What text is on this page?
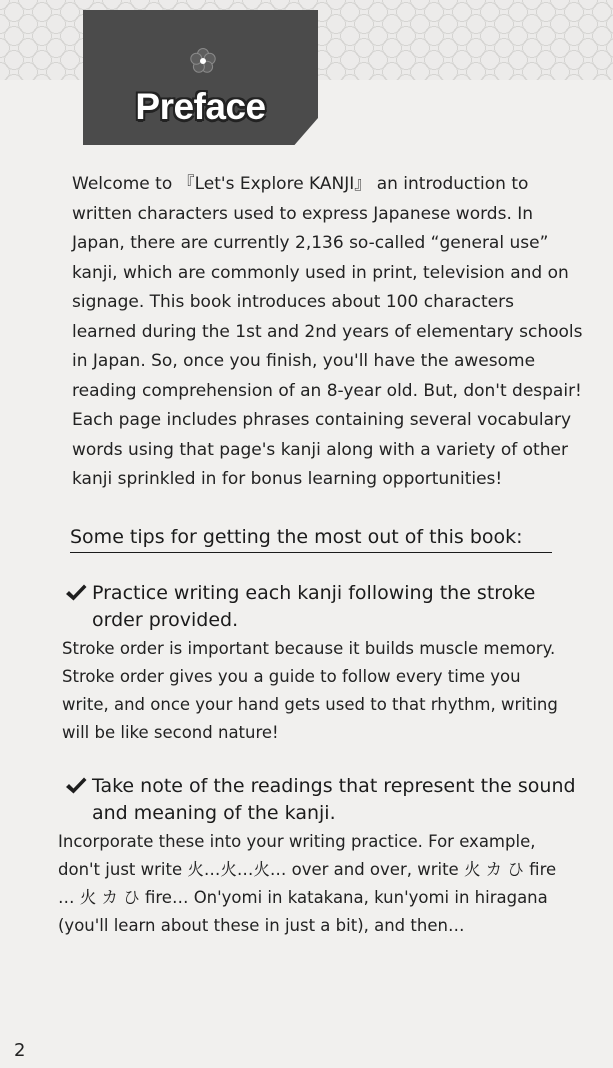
Preface
Welcome to 『Let's Explore KANJI』 an introduction to
written characters used to express Japanese words. In
Japan, there are currently 2,136 so-called “general use”
kanji, which are commonly used in print, television and on
signage. This book introduces about 100 characters
learned during the 1st and 2nd years of elementary schools
in Japan. So, once you finish, you'll have the awesome
reading comprehension of an 8-year old. But, don't despair!
Each page includes phrases containing several vocabulary
words using that page's kanji along with a variety of other
kanji sprinkled in for bonus learning opportunities!
Some tips for getting the most out of this book:
Practice writing each kanji following the stroke
order provided.
Stroke order is important because it builds muscle memory.
Stroke order gives you a guide to follow every time you
write, and once your hand gets used to that rhythm, writing
will be like second nature!
Take note of the readings that represent the sound
and meaning of the kanji.
Incorporate these into your writing practice. For example,
don't just write 火…火…火… over and over, write 火 カ ひ fire
… 火 カ ひ fire… On'yomi in katakana, kun'yomi in hiragana
(you'll learn about these in just a bit), and then…
2
